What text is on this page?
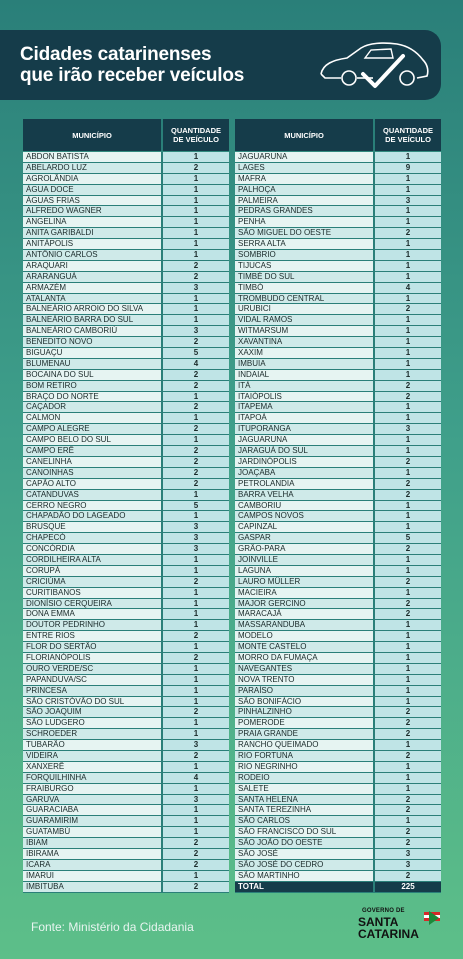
Cidades catarinenses
que irão receber veículos
MUNICÍPIO	QUANTIDADE
DE VEÍCULO
ABDON BATISTA	1
ABELARDO LUZ	2
AGROLÂNDIA	1
ÁGUA DOCE	1
ÁGUAS FRIAS	1
ALFREDO WAGNER	1
ANGELINA	1
ANITA GARIBALDI	1
ANITÁPOLIS	1
ANTÔNIO CARLOS	1
ARAQUARI	2
ARARANGUÁ	2
ARMAZÉM	3
ATALANTA	1
BALNEÁRIO ARROIO DO SILVA	1
BALNEÁRIO BARRA DO SUL	1
BALNEÁRIO CAMBORIÚ	3
BENEDITO NOVO	2
BIGUAÇU	5
BLUMENAU	4
BOCAINA DO SUL	2
BOM RETIRO	2
BRAÇO DO NORTE	1
CAÇADOR	2
CALMON	1
CAMPO ALEGRE	2
CAMPO BELO DO SUL	1
CAMPO ERÊ	2
CANELINHA	2
CANOINHAS	2
CAPÃO ALTO	2
CATANDUVAS	1
CERRO NEGRO	5
CHAPADÃO DO LAGEADO	1
BRUSQUE	3
CHAPECÓ	3
CONCÓRDIA	3
CORDILHEIRA ALTA	1
CORUPÁ	1
CRICIÚMA	2
CURITIBANOS	1
DIONÍSIO CERQUEIRA	1
DONA EMMA	1
DOUTOR PEDRINHO	1
ENTRE RIOS	2
FLOR DO SERTÃO	1
FLORIANÓPOLIS	2
OURO VERDE/SC	1
PAPANDUVA/SC	1
PRINCESA	1
SÃO CRISTÓVÃO DO SUL	1
SÃO JOAQUIM	2
SÃO LUDGERO	1
SCHROEDER	1
TUBARÃO	3
VIDEIRA	2
XANXERÊ	1
FORQUILHINHA	4
FRAIBURGO	1
GARUVA	3
GUARACIABA	1
GUARAMIRIM	1
GUATAMBÚ	1
IBIAM	2
IBIRAMA	2
ICARA	2
IMARUI	1
IMBITUBA	2
MUNICÍPIO	QUANTIDADE
DE VEÍCULO
JAGUARUNA	1
LAGES	9
MAFRA	1
PALHOÇA	1
PALMEIRA	3
PEDRAS GRANDES	1
PENHA	1
SÃO MIGUEL DO OESTE	2
SERRA ALTA	1
SOMBRIO	1
TIJUCAS	1
TIMBÉ DO SUL	1
TIMBÓ	4
TROMBUDO CENTRAL	1
URUBICI	2
VIDAL RAMOS	1
WITMARSUM	1
XAVANTINA	1
XAXIM	1
IMBUIA	1
INDAIAL	1
ITÁ	2
ITAIÓPOLIS	2
ITAPEMA	1
ITAPOÁ	1
ITUPORANGA	3
JAGUARUNA	1
JARAGUÁ DO SUL	1
JARDINÓPOLIS	2
JOAÇABA	1
PETROLANDIA	2
BARRA VELHA	2
CAMBORIU	1
CAMPOS NOVOS	1
CAPINZAL	1
GASPAR	5
GRÃO-PARA	2
JOINVILLE	1
LAGUNA	1
LAURO MÜLLER	2
MACIEIRA	1
MAJOR GERCINO	2
MARACAJÁ	2
MASSARANDUBA	1
MODELO	1
MONTE CASTELO	1
MORRO DA FUMAÇA	1
NAVEGANTES	1
NOVA TRENTO	1
PARAÍSO	1
SÃO BONIFÁCIO	1
PINHALZINHO	2
POMERODE	2
PRAIA GRANDE	2
RANCHO QUEIMADO	1
RIO FORTUNA	2
RIO NEGRINHO	1
RODEIO	1
SALETE	1
SANTA HELENA	2
SANTA TEREZINHA	2
SÃO CARLOS	1
SÃO FRANCISCO DO SUL	2
SÃO JOÃO DO OESTE	2
SÃO JOSÉ	3
SÃO JOSÉ DO CEDRO	3
SÃO MARTINHO	2
TOTAL	225
Fonte: Ministério da Cidadania
GOVERNO DE
SANTA
CATARINA
